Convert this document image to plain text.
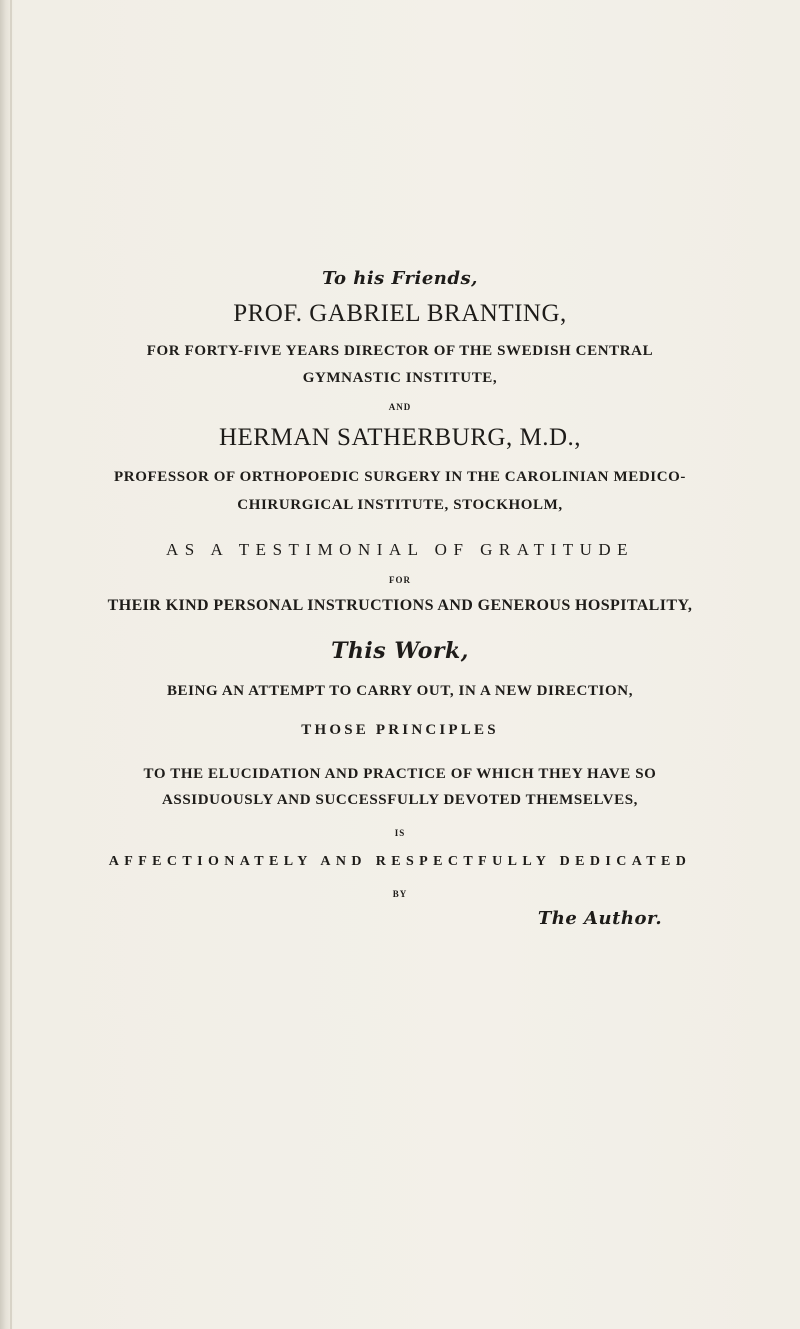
To his Friends,
PROF. GABRIEL BRANTING,
FOR FORTY-FIVE YEARS DIRECTOR OF THE SWEDISH CENTRAL
GYMNASTIC INSTITUTE,
AND
HERMAN SATHERBURG, M.D.,
PROFESSOR OF ORTHOPOEDIC SURGERY IN THE CAROLINIAN MEDICO-
CHIRURGICAL INSTITUTE, STOCKHOLM,
AS A TESTIMONIAL OF GRATITUDE
FOR
THEIR KIND PERSONAL INSTRUCTIONS AND GENEROUS HOSPITALITY,
This Work,
BEING AN ATTEMPT TO CARRY OUT, IN A NEW DIRECTION,
THOSE PRINCIPLES
TO THE ELUCIDATION AND PRACTICE OF WHICH THEY HAVE SO
ASSIDUOUSLY AND SUCCESSFULLY DEVOTED THEMSELVES,
IS
AFFECTIONATELY AND RESPECTFULLY DEDICATED
BY
The Author.
